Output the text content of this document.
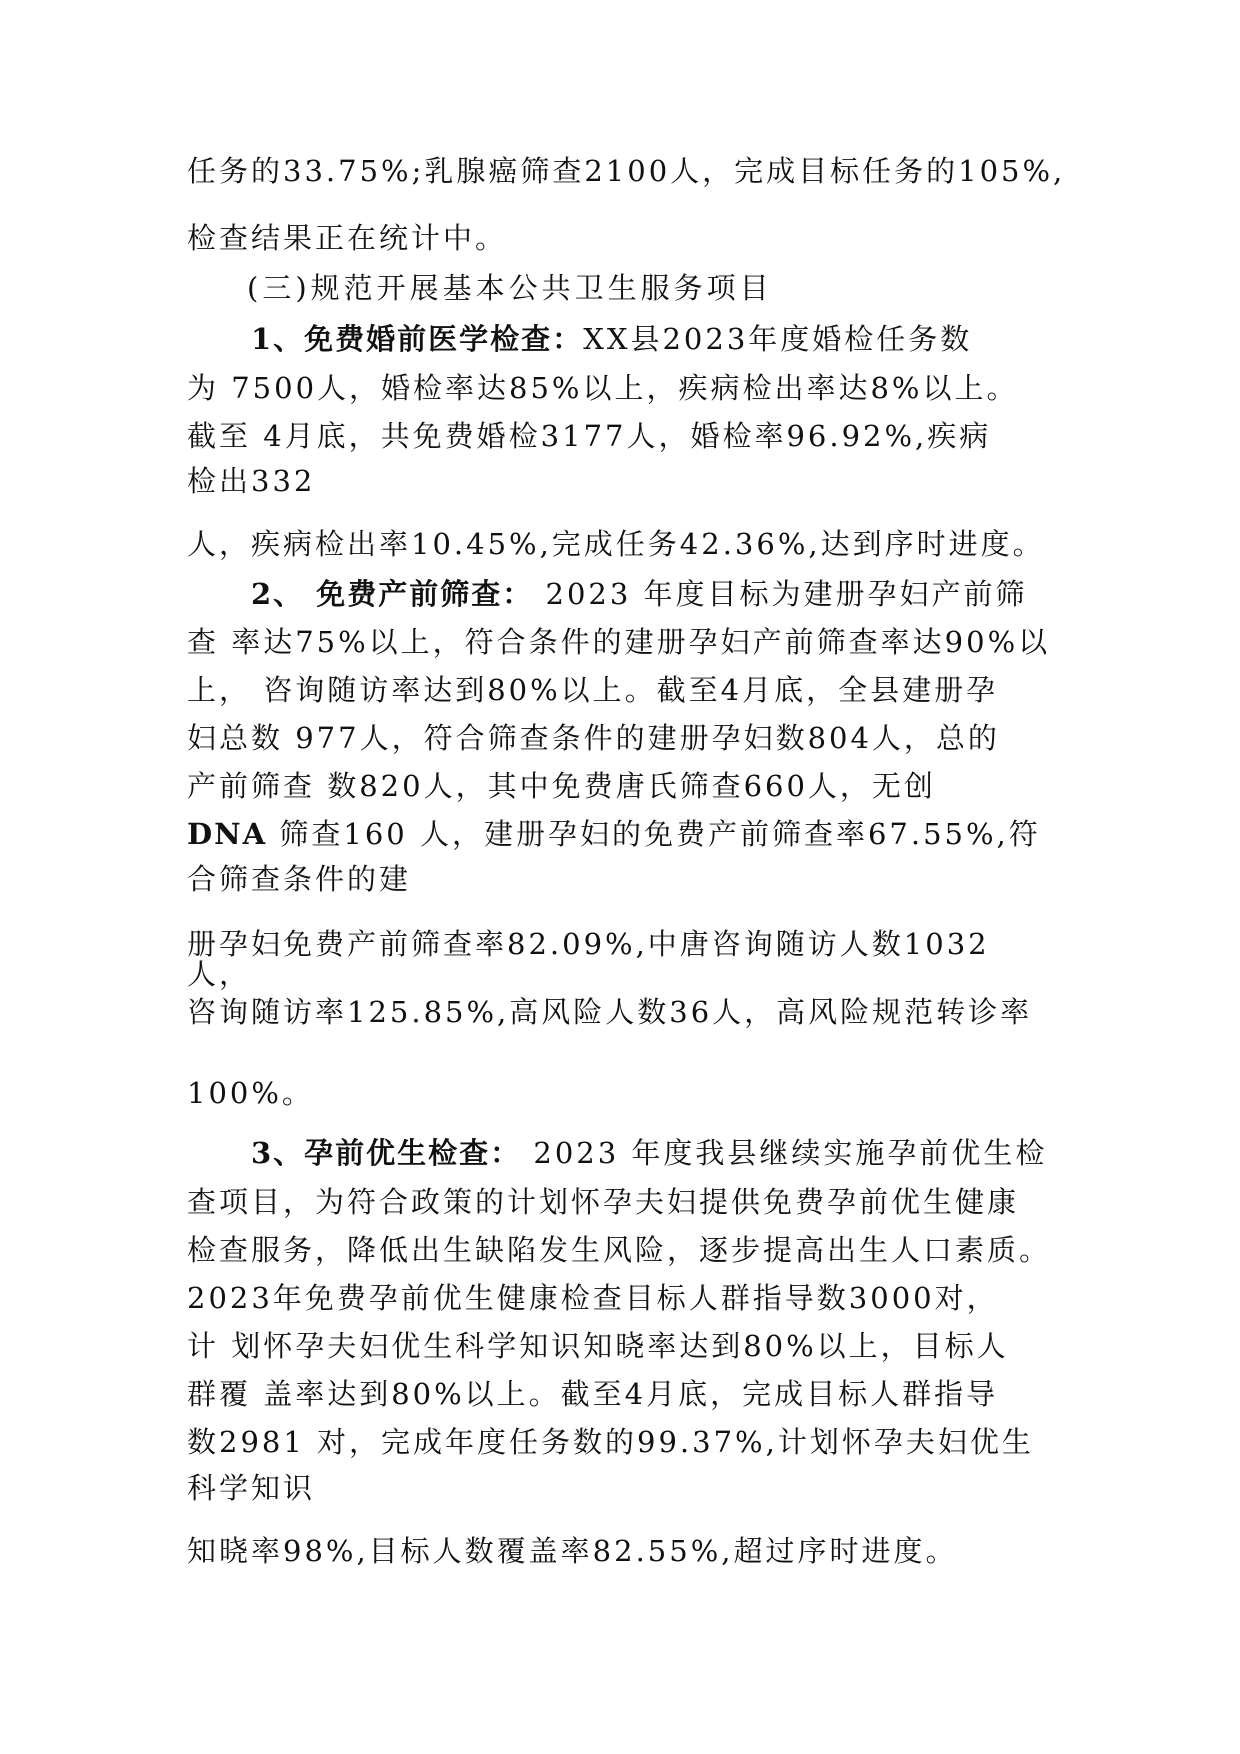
任务的33.75%;乳腺癌筛查2100人，完成目标任务的105%,
检查结果正在统计中。
(三)规范开展基本公共卫生服务项目
1、免费婚前医学检查：XX县2023年度婚检任务数
为 7500人，婚检率达85%以上，疾病检出率达8%以上。
截至 4月底，共免费婚检3177人，婚检率96.92%,疾病
检出332
人，疾病检出率10.45%,完成任务42.36%,达到序时进度。
2、 免费产前筛查： 2023 年度目标为建册孕妇产前筛
查 率达75%以上，符合条件的建册孕妇产前筛查率达90%以
上， 咨询随访率达到80%以上。截至4月底，全县建册孕
妇总数 977人，符合筛查条件的建册孕妇数804人，总的
产前筛查 数820人，其中免费唐氏筛查660人，无创
DNA 筛查160 人，建册孕妇的免费产前筛查率67.55%,符
合筛查条件的建
册孕妇免费产前筛查率82.09%,中唐咨询随访人数1032
人，
咨询随访率125.85%,高风险人数36人，高风险规范转诊率
100%。
3、孕前优生检查： 2023 年度我县继续实施孕前优生检
查项目，为符合政策的计划怀孕夫妇提供免费孕前优生健康
检查服务，降低出生缺陷发生风险，逐步提高出生人口素质。
2023年免费孕前优生健康检查目标人群指导数3000对，
计 划怀孕夫妇优生科学知识知晓率达到80%以上，目标人
群覆 盖率达到80%以上。截至4月底，完成目标人群指导
数2981 对，完成年度任务数的99.37%,计划怀孕夫妇优生
科学知识
知晓率98%,目标人数覆盖率82.55%,超过序时进度。
